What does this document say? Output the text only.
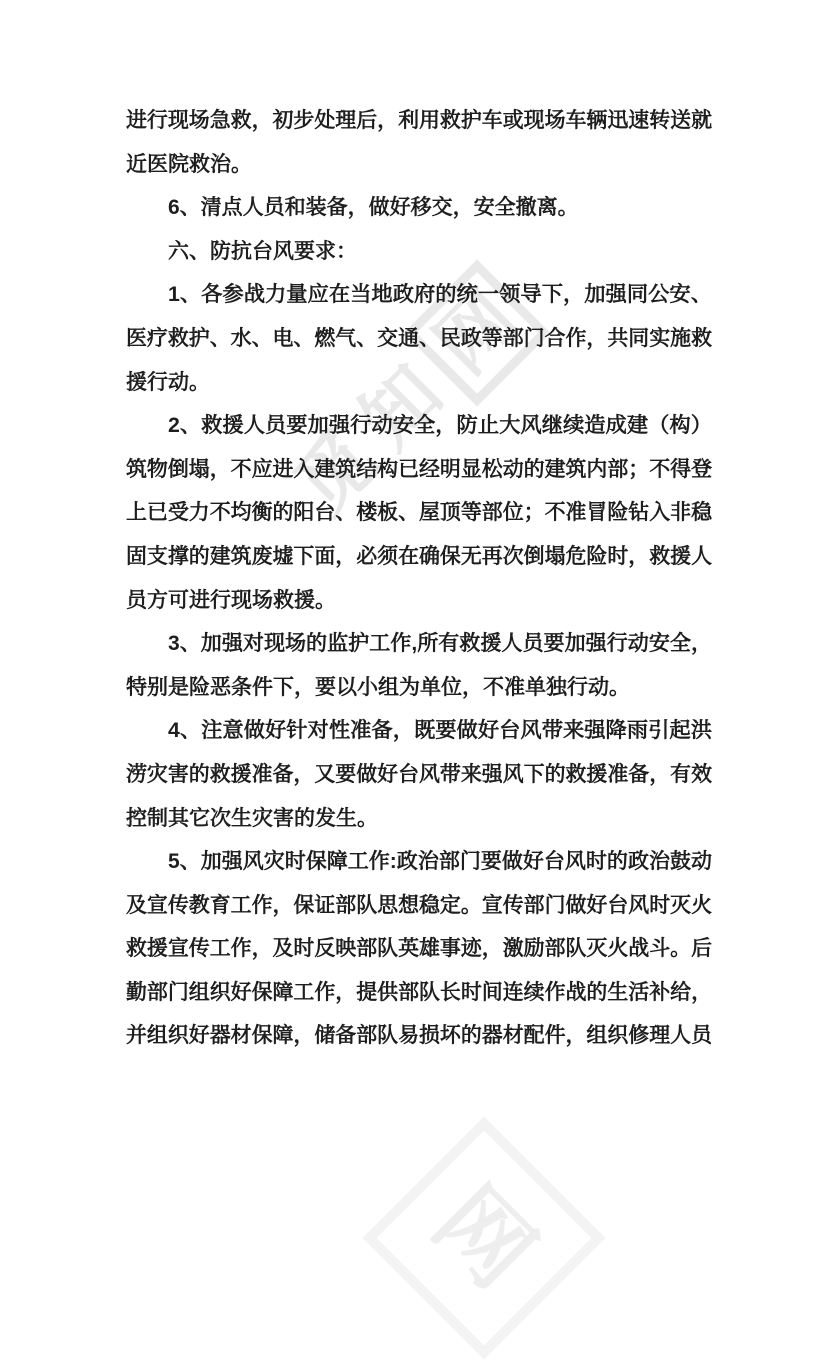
觅
知
网
网
进行现场急救，初步处理后，利用救护车或现场车辆迅速转送就
近医院救治。
6、清点人员和装备，做好移交，安全撤离。
六、防抗台风要求：
1、各参战力量应在当地政府的统一领导下，加强同公安、
医疗救护、水、电、燃气、交通、民政等部门合作，共同实施救
援行动。
2、救援人员要加强行动安全，防止大风继续造成建（构）
筑物倒塌，不应进入建筑结构已经明显松动的建筑内部；不得登
上已受力不均衡的阳台、楼板、屋顶等部位；不准冒险钻入非稳
固支撑的建筑废墟下面，必须在确保无再次倒塌危险时，救援人
员方可进行现场救援。
3、加强对现场的监护工作,所有救援人员要加强行动安全，
特别是险恶条件下，要以小组为单位，不准单独行动。
4、注意做好针对性准备，既要做好台风带来强降雨引起洪
涝灾害的救援准备，又要做好台风带来强风下的救援准备，有效
控制其它次生灾害的发生。
5、加强风灾时保障工作:政治部门要做好台风时的政治鼓动
及宣传教育工作，保证部队思想稳定。宣传部门做好台风时灭火
救援宣传工作，及时反映部队英雄事迹，激励部队灭火战斗。后
勤部门组织好保障工作，提供部队长时间连续作战的生活补给，
并组织好器材保障，储备部队易损坏的器材配件，组织修理人员
